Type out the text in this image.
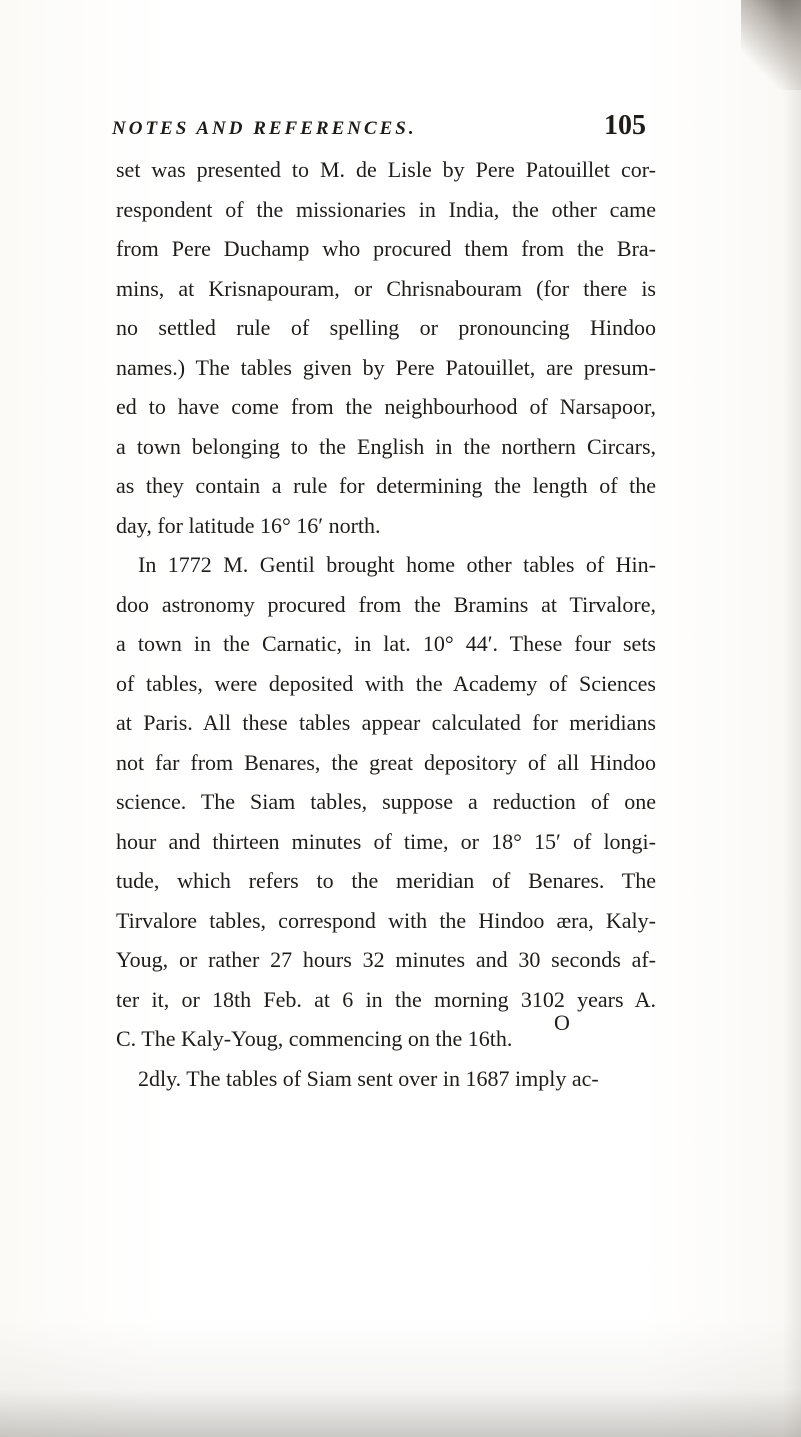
NOTES AND REFERENCES.	105
set was presented to M. de Lisle by Pere Patouillet cor-
respondent of the missionaries in India, the other came
from Pere Duchamp who procured them from the Bra-
mins, at Krisnapouram, or Chrisnabouram (for there is
no settled rule of spelling or pronouncing Hindoo
names.) The tables given by Pere Patouillet, are presum-
ed to have come from the neighbourhood of Narsapoor,
a town belonging to the English in the northern Circars,
as they contain a rule for determining the length of the
day, for latitude 16° 16′ north.
In 1772 M. Gentil brought home other tables of Hin-
doo astronomy procured from the Bramins at Tirvalore,
a town in the Carnatic, in lat. 10° 44′. These four sets
of tables, were deposited with the Academy of Sciences
at Paris. All these tables appear calculated for meridians
not far from Benares, the great depository of all Hindoo
science. The Siam tables, suppose a reduction of one
hour and thirteen minutes of time, or 18° 15′ of longi-
tude, which refers to the meridian of Benares. The
Tirvalore tables, correspond with the Hindoo æra, Kaly-
Youg, or rather 27 hours 32 minutes and 30 seconds af-
ter it, or 18th Feb. at 6 in the morning 3102 years A.
C. The Kaly-Youg, commencing on the 16th.
2dly. The tables of Siam sent over in 1687 imply ac-
O
